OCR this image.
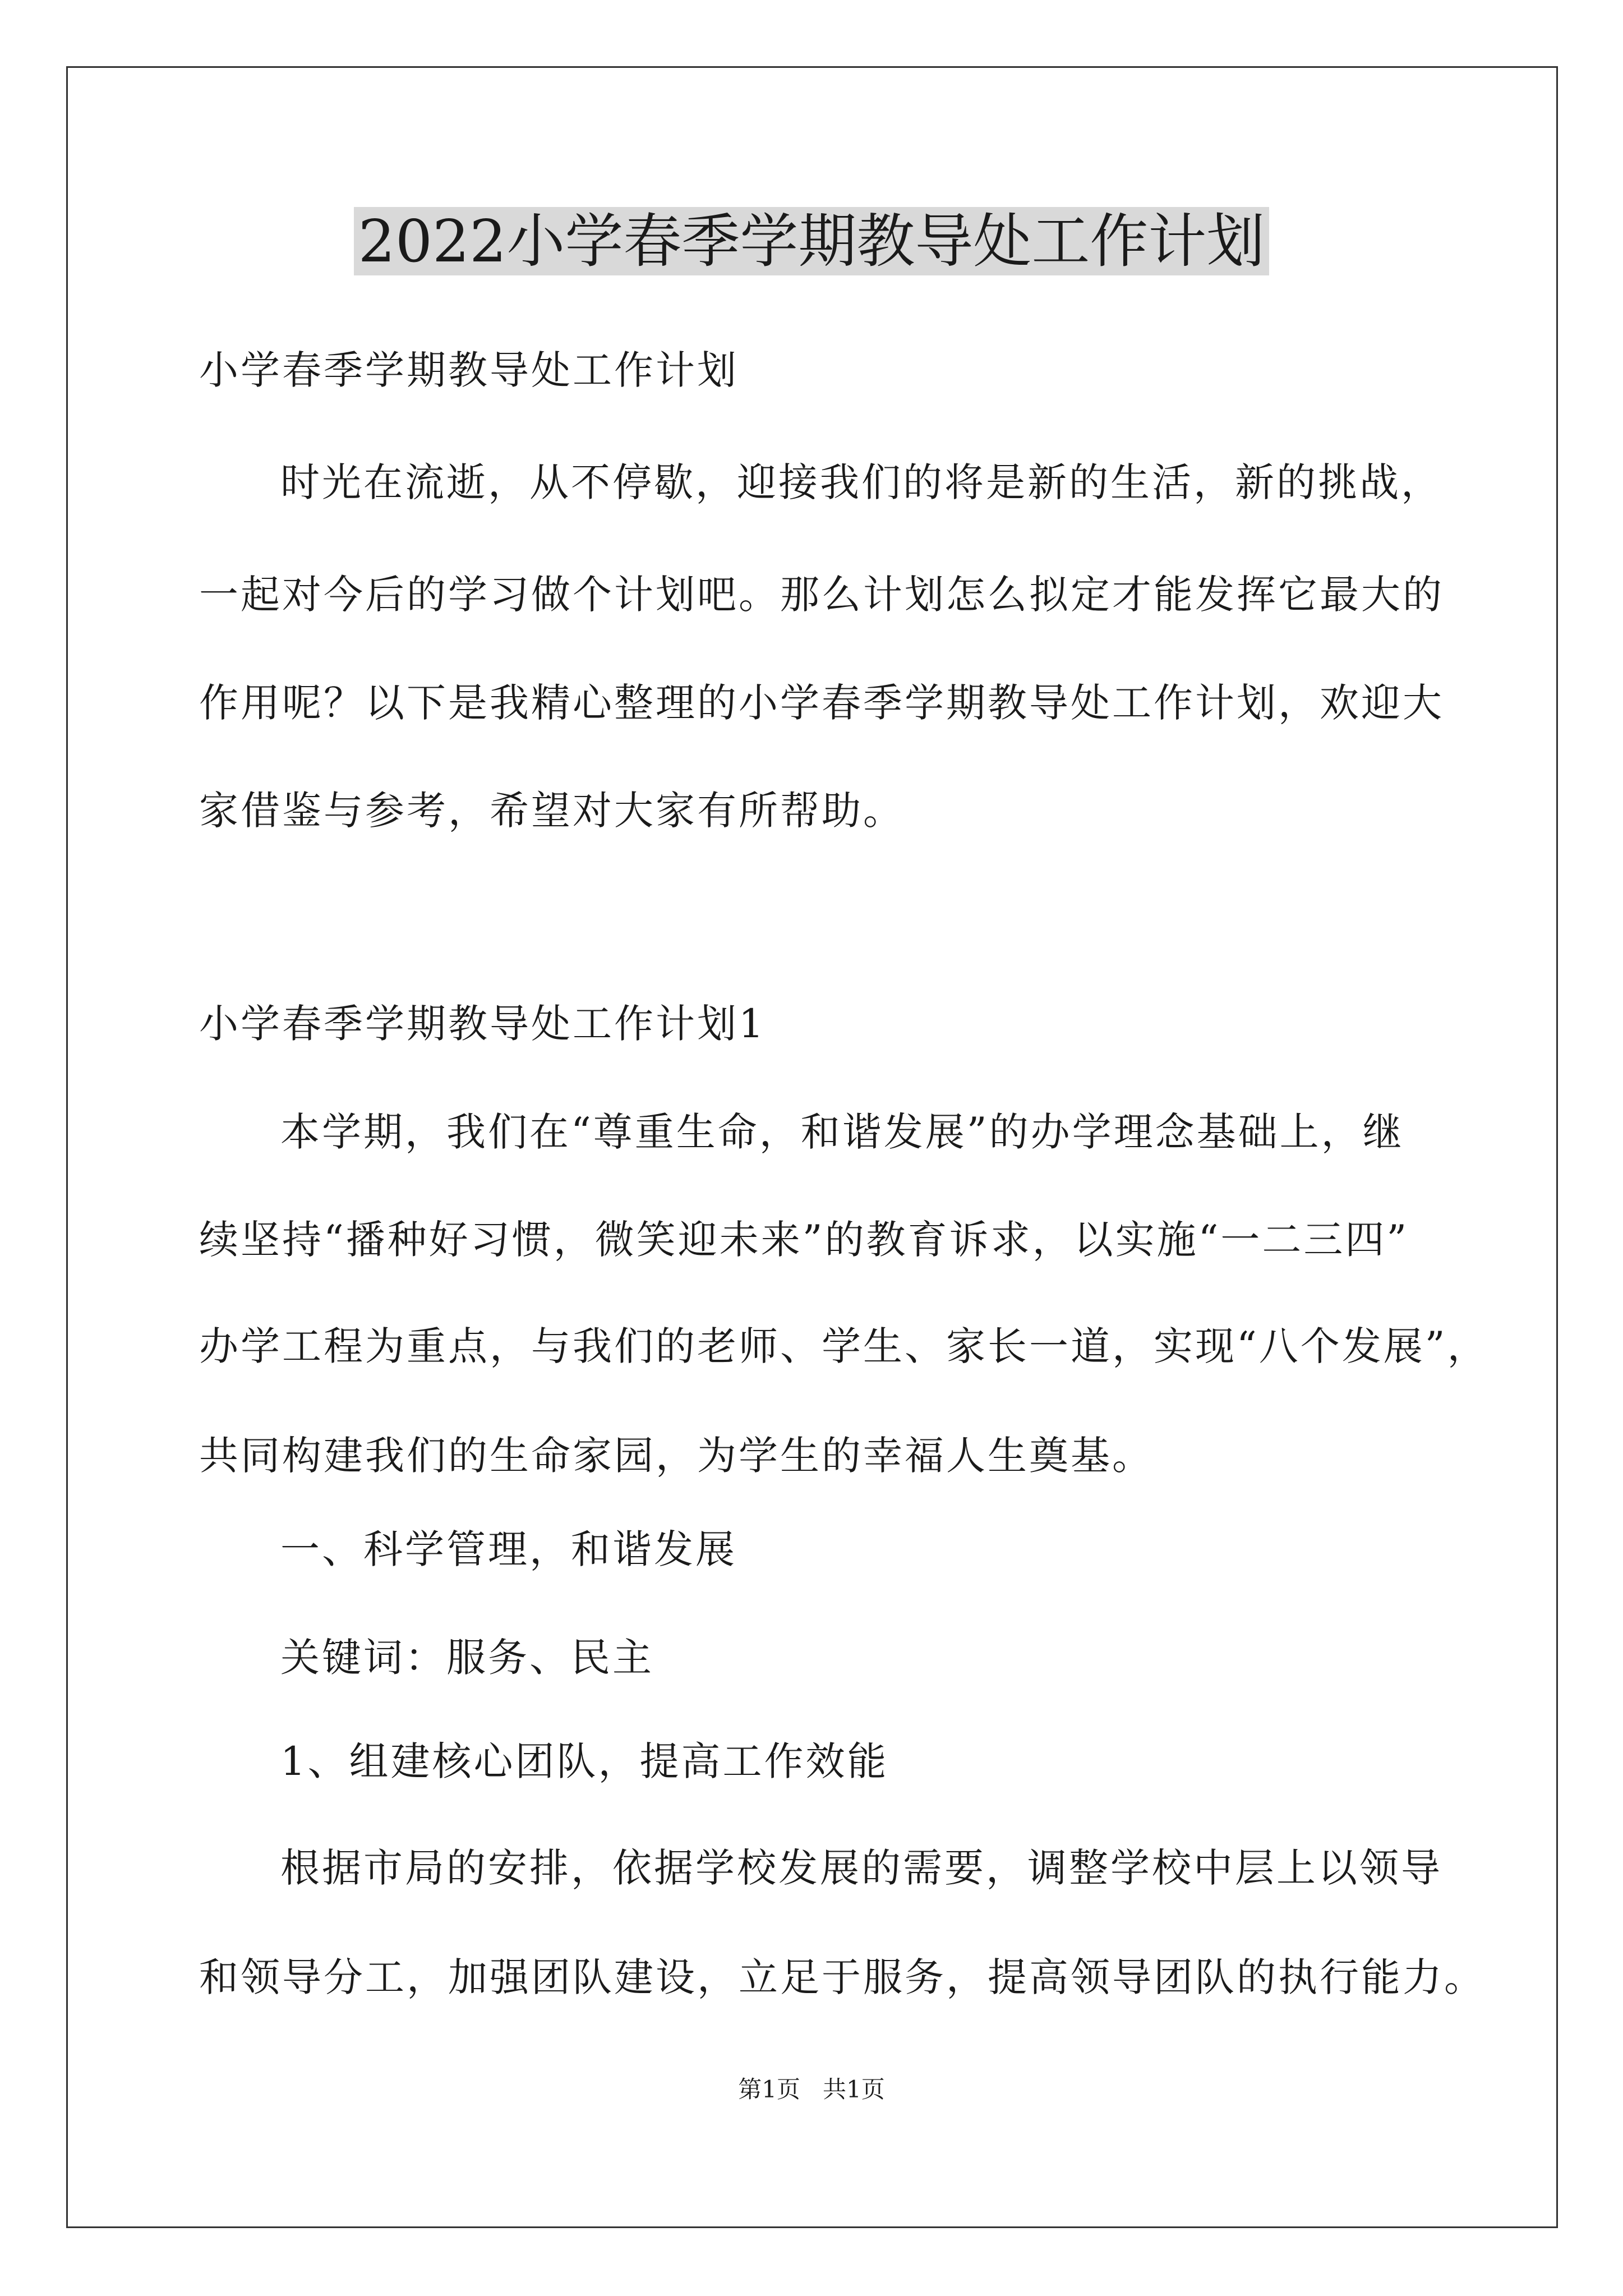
2022小学春季学期教导处工作计划
小学春季学期教导处工作计划
时光在流逝，从不停歇，迎接我们的将是新的生活，新的挑战，
一起对今后的学习做个计划吧。那么计划怎么拟定才能发挥它最大的
作用呢？以下是我精心整理的小学春季学期教导处工作计划，欢迎大
家借鉴与参考，希望对大家有所帮助。
小学春季学期教导处工作计划1
本学期，我们在“尊重生命，和谐发展”的办学理念基础上，继
续坚持“播种好习惯，微笑迎未来”的教育诉求，以实施“一二三四”
办学工程为重点，与我们的老师、学生、家长一道，实现“八个发展”，
共同构建我们的生命家园，为学生的幸福人生奠基。
一、科学管理，和谐发展
关键词：服务、民主
1、组建核心团队，提高工作效能
根据市局的安排，依据学校发展的需要，调整学校中层上以领导
和领导分工，加强团队建设，立足于服务，提高领导团队的执行能力。
第1页 共1页
